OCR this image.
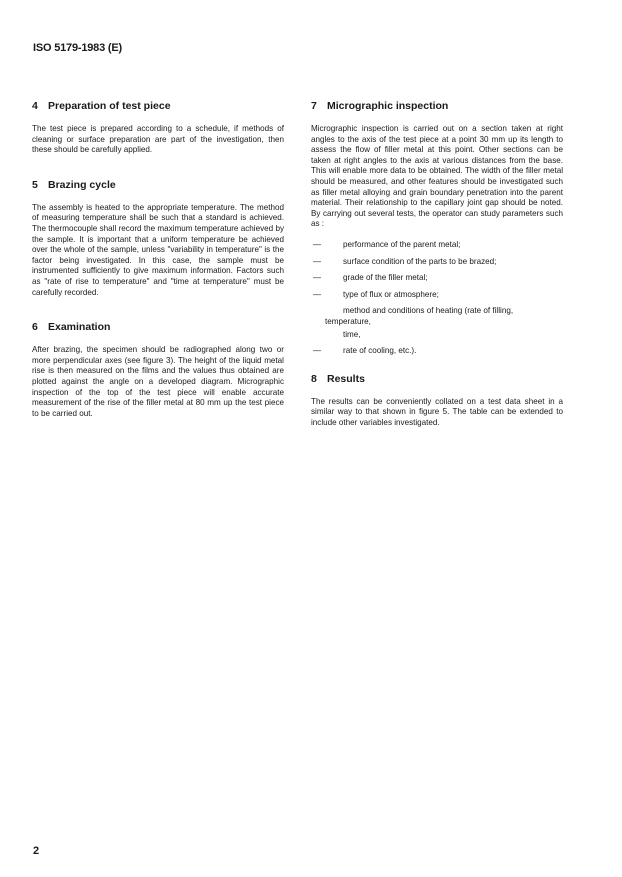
ISO 5179-1983 (E)
4 Preparation of test piece

The test piece is prepared according to a schedule, if methods of cleaning or surface preparation are part of the investigation, then these should be carefully applied.

5 Brazing cycle

The assembly is heated to the appropriate temperature. The method of measuring temperature shall be such that a standard is achieved. The thermocouple shall record the maximum temperature achieved by the sample. It is important that a uniform temperature be achieved over the whole of the sample, unless "variability in temperature" is the factor being investigated. In this case, the sample must be instrumented sufficiently to give maximum information. Factors such as "rate of rise to temperature" and "time at temperature" must be carefully recorded.

6 Examination

After brazing, the specimen should be radiographed along two or more perpendicular axes (see figure 3). The height of the liquid metal rise is then measured on the films and the values thus obtained are plotted against the angle on a developed diagram. Micrographic inspection of the top of the test piece will enable accurate measurement of the rise of the filler metal at 80 mm up the test piece to be carried out.

7 Micrographic inspection

Micrographic inspection is carried out on a section taken at right angles to the axis of the test piece at a point 30 mm up its length to assess the flow of filler metal at this point. Other sections can be taken at right angles to the axis at various distances from the base. This will enable more data to be obtained. The width of the filler metal should be measured, and other features should be investigated such as filler metal alloying and grain boundary penetration into the parent material. Their relationship to the capillary joint gap should be noted. By carrying out several tests, the operator can study parameters such as :

—	performance of the parent metal;
—	surface condition of the parts to be brazed;
—	grade of the filler metal;
—	type of flux or atmosphere;
method and conditions of heating (rate of filling,
temperature,
time,
—	rate of cooling, etc.).
8 Results

The results can be conveniently collated on a test data sheet in a similar way to that shown in figure 5. The table can be extended to include other variables investigated.

2
